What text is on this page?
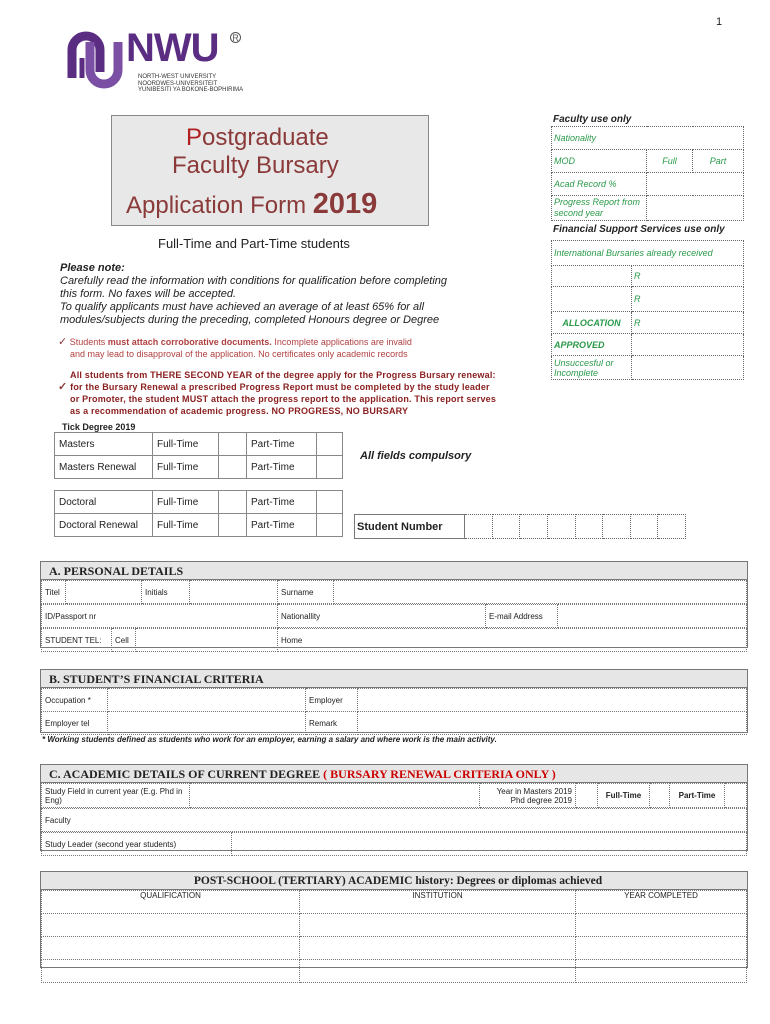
1
NWU R
NORTH-WEST UNIVERSITY
NOORDWES-UNIVERSITEIT
YUNIBESITI YA BOKONE-BOPHIRIMA
Postgraduate
Faculty Bursary
Application Form 2019
Full-Time and Part-Time students
Please note:
Carefully read the information with conditions for qualification before completing
this form. No faxes will be accepted.
To qualify applicants must have achieved an average of at least 65% for all
modules/subjects during the preceding, completed Honours degree or Degree
✓ Students must attach corroborative documents. Incomplete applications are invalid
and may lead to disapproval of the application. No certificates only academic records
All students from THERE SECOND YEAR of the degree apply for the Progress Bursary renewal:
✓ for the Bursary Renewal a prescribed Progress Report must be completed by the study leader
or Promoter, the student MUST attach the progress report to the application. This report serves
as a recommendation of academic progress. NO PROGRESS, NO BURSARY
Faculty use only
Nationality		
MOD	Full	Part
Acad Record %		
Progress Report from second year		
Financial Support Services use only
International Bursaries already received	
	R
	R
ALLOCATION	R
APPROVED	
Unsuccesful or Incomplete	
Tick Degree 2019
Masters	Full-Time		Part-Time	
Masters Renewal	Full-Time		Part-Time	
Doctoral	Full-Time		Part-Time	
Doctoral Renewal	Full-Time		Part-Time	
All fields compulsory
Student Number								
A. PERSONAL DETAILS
Titel		Initials		Surname	
ID/Passport nr	Nationallity	E-mail Address	
STUDENT TEL:	Cell		Home
B. STUDENT’S FINANCIAL CRITERIA
Occupation *		Employer	
Employer tel		Remark	
* Working students defined as students who work for an employer, earning a salary and where work is the main activity.
C. ACADEMIC DETAILS OF CURRENT DEGREE ( BURSARY RENEWAL CRITERIA ONLY )
Study Field in current year (E.g. Phd in Eng)		
Year in Masters 2019
Phd degree 2019		Full-Time		Part-Time	
Faculty
Study Leader (second year students)	
POST-SCHOOL (TERTIARY) ACADEMIC history: Degrees or diplomas achieved
QUALIFICATION	INSTITUTION	YEAR COMPLETED
